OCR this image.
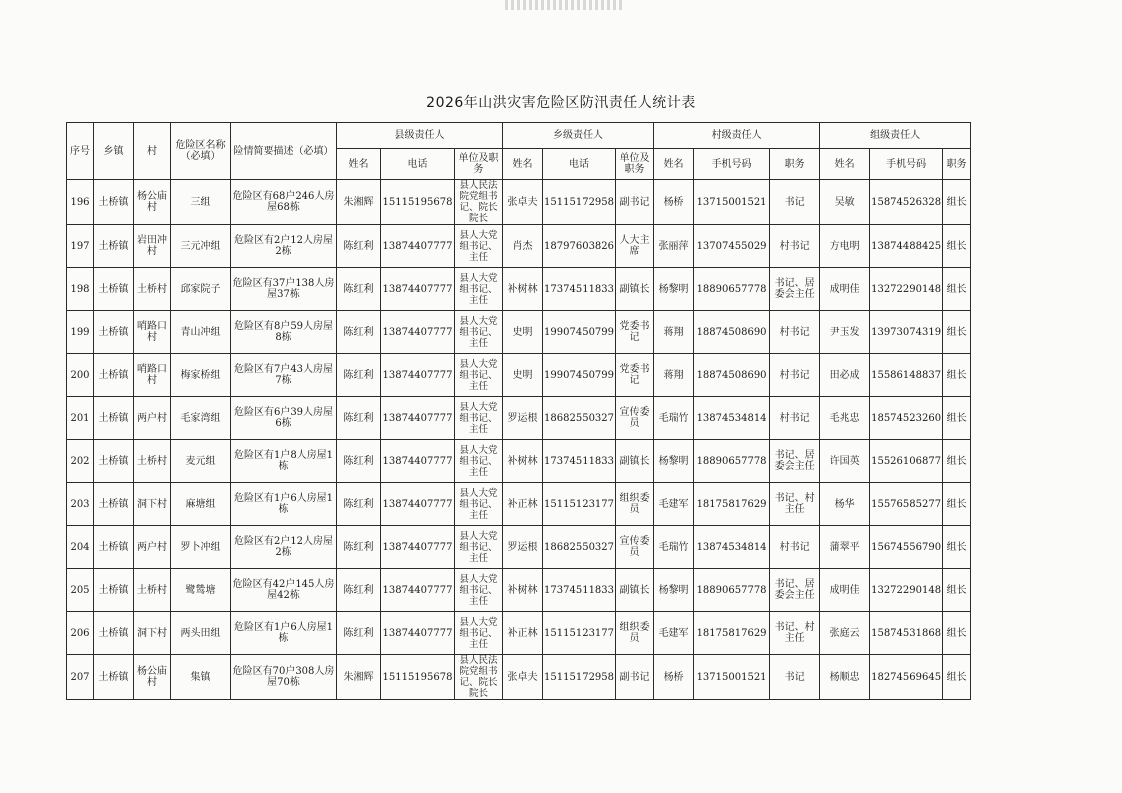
2026年山洪灾害危险区防汛责任人统计表
序号	乡镇	村	危险区名称（必填）	险情简要描述（必填）	县级责任人			乡级责任人			村级责任人			组级责任人		
					姓名	电话	单位及职务	姓名	电话	单位及职务	姓名	手机号码	职务	姓名	手机号码	职务
196	土桥镇	杨公庙村	三组	危险区有68户246人房屋68栋	朱湘辉	15115195678	县人民法院党组书记、院长院长	张卓夫	15115172958	副书记	杨桥	13715001521	书记	吴敏	15874526328	组长
197	土桥镇	岩田冲村	三元冲组	危险区有2户12人房屋2栋	陈红利	13874407777	县人大党组书记、主任	肖杰	18797603826	人大主席	张丽萍	13707455029	村书记	方电明	13874488425	组长
198	土桥镇	土桥村	邱家院子	危险区有37户138人房屋37栋	陈红利	13874407777	县人大党组书记、主任	补树林	17374511833	副镇长	杨黎明	18890657778	书记、居委会主任	成明佳	13272290148	组长
199	土桥镇	哨路口村	青山冲组	危险区有8户59人房屋8栋	陈红利	13874407777	县人大党组书记、主任	史明	19907450799	党委书记	蒋翔	18874508690	村书记	尹玉发	13973074319	组长
200	土桥镇	哨路口村	梅家桥组	危险区有7户43人房屋7栋	陈红利	13874407777	县人大党组书记、主任	史明	19907450799	党委书记	蒋翔	18874508690	村书记	田必成	15586148837	组长
201	土桥镇	两户村	毛家湾组	危险区有6户39人房屋6栋	陈红利	13874407777	县人大党组书记、主任	罗运根	18682550327	宣传委员	毛瑞竹	13874534814	村书记	毛兆忠	18574523260	组长
202	土桥镇	土桥村	麦元组	危险区有1户8人房屋1栋	陈红利	13874407777	县人大党组书记、主任	补树林	17374511833	副镇长	杨黎明	18890657778	书记、居委会主任	许国英	15526106877	组长
203	土桥镇	洞下村	麻塘组	危险区有1户6人房屋1栋	陈红利	13874407777	县人大党组书记、主任	补正林	15115123177	组织委员	毛建军	18175817629	书记、村主任	杨华	15576585277	组长
204	土桥镇	两户村	罗卜冲组	危险区有2户12人房屋2栋	陈红利	13874407777	县人大党组书记、主任	罗运根	18682550327	宣传委员	毛瑞竹	13874534814	村书记	蒲翠平	15674556790	组长
205	土桥镇	土桥村	鹭鸶塘	危险区有42户145人房屋42栋	陈红利	13874407777	县人大党组书记、主任	补树林	17374511833	副镇长	杨黎明	18890657778	书记、居委会主任	成明佳	13272290148	组长
206	土桥镇	洞下村	两头田组	危险区有1户6人房屋1栋	陈红利	13874407777	县人大党组书记、主任	补正林	15115123177	组织委员	毛建军	18175817629	书记、村主任	张庭云	15874531868	组长
207	土桥镇	杨公庙村	集镇	危险区有70户308人房屋70栋	朱湘辉	15115195678	县人民法院党组书记、院长院长	张卓夫	15115172958	副书记	杨桥	13715001521	书记	杨顺忠	18274569645	组长
